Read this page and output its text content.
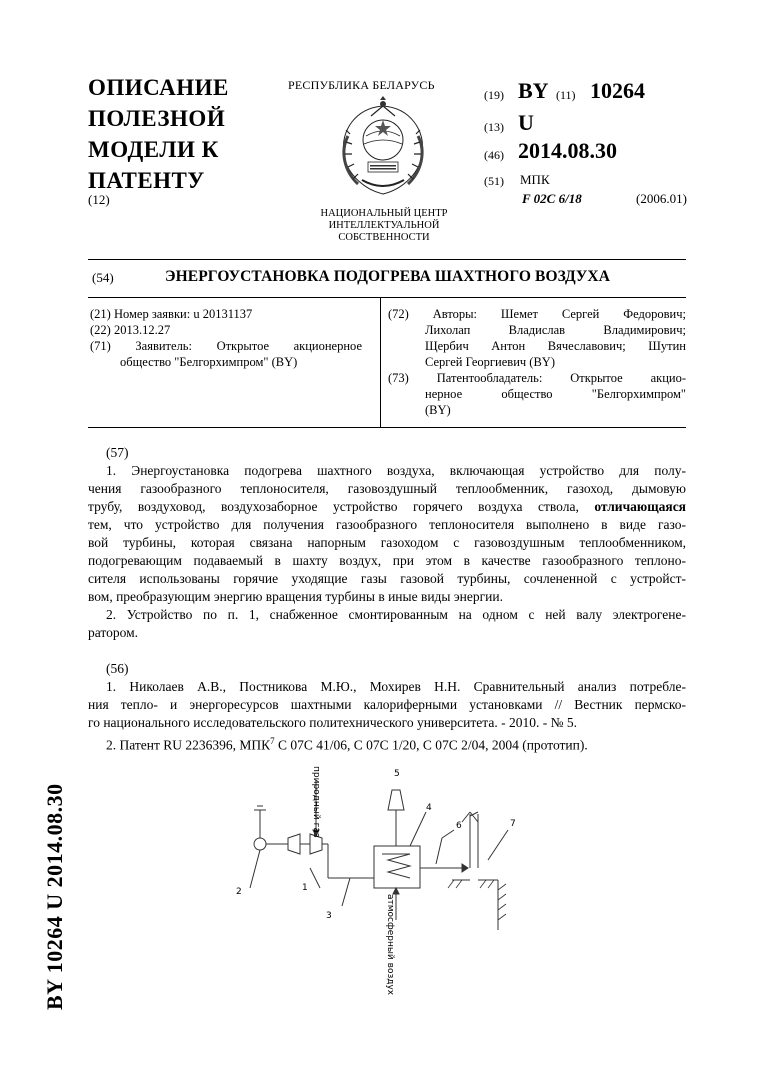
ОПИСАНИЕ
ПОЛЕЗНОЙ
МОДЕЛИ К
ПАТЕНТУ
(12)
РЕСПУБЛИКА БЕЛАРУСЬ
НАЦИОНАЛЬНЫЙ ЦЕНТР
ИНТЕЛЛЕКТУАЛЬНОЙ
СОБСТВЕННОСТИ
(19) BY (11) 10264
(13) U
(46) 2014.08.30
(51) МПК
F 02C 6/18	(2006.01)
(54)	ЭНЕРГОУСТАНОВКА ПОДОГРЕВА ШАХТНОГО ВОЗДУХА
(21) Номер заявки: u 20131137
(22) 2013.12.27
(71) Заявитель: Открытое акционерное
общество "Белгорхимпром" (BY)
(72) Авторы: Шемет Сергей Федорович;
Лихолап Владислав Владимирович;
Щербич Антон Вячеславович; Шутин
Сергей Георгиевич (BY)
(73) Патентообладатель: Открытое акцио-
нерное общество "Белгорхимпром"
(BY)
(57)
1. Энергоустановка подогрева шахтного воздуха, включающая устройство для полу-
чения газообразного теплоносителя, газовоздушный теплообменник, газоход, дымовую
трубу, воздуховод, воздухозаборное устройство горячего воздуха ствола, отличающаяся
тем, что устройство для получения газообразного теплоносителя выполнено в виде газо-
вой турбины, которая связана напорным газоходом с газовоздушным теплообменником,
подогревающим подаваемый в шахту воздух, при этом в качестве газообразного теплоно-
сителя использованы горячие уходящие газы газовой турбины, сочлененной с устройст-
вом, преобразующим энергию вращения турбины в иные виды энергии.
2. Устройство по п. 1, снабженное смонтированным на одном с ней валу электрогене-
ратором.
(56)
1. Николаев А.В., Постникова М.Ю., Мохирев Н.Н. Сравнительный анализ потребле-
ния тепло- и энергоресурсов шахтными калориферными установками // Вестник пермско-
го национального исследовательского политехнического университета. - 2010. - № 5.
2. Патент RU 2236396, МПК$^7$ С 07С 41/06, С 07С 1/20, С 07С 2/04, 2004 (прототип).
BY 10264 U 2014.08.30	природный газ
атмосферный воздух
1
2
3
4
5
6	7
